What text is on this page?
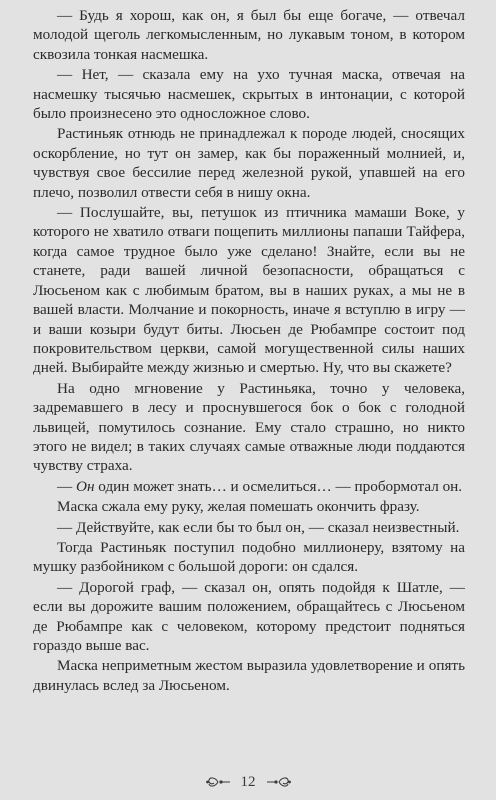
— Будь я хорош, как он, я был бы еще богаче, — отвечал молодой щеголь легкомысленным, но лукавым тоном, в котором сквозила тонкая насмешка.

— Нет, — сказала ему на ухо тучная маска, отвечая на насмешку тысячью насмешек, скрытых в интонации, с которой было произнесено это односложное слово.

Растиньяк отнюдь не принадлежал к породе людей, сносящих оскорбление, но тут он замер, как бы пораженный молнией, и, чувствуя свое бессилие перед железной рукой, упавшей на его плечо, позволил отвести себя в нишу окна.

— Послушайте, вы, петушок из птичника мамаши Воке, у которого не хватило отваги пощепить миллионы папаши Тайфера, когда самое трудное было уже сделано! Знайте, если вы не станете, ради вашей личной безопасности, обращаться с Люсьеном как с любимым братом, вы в наших руках, а мы не в вашей власти. Молчание и покорность, иначе я вступлю в игру — и ваши козыри будут биты. Люсьен де Рюбампре состоит под покровительством церкви, самой могущественной силы наших дней. Выбирайте между жизнью и смертью. Ну, что вы скажете?

На одно мгновение у Растиньяка, точно у человека, задремавшего в лесу и проснувшегося бок о бок с голодной львицей, помутилось сознание. Ему стало страшно, но никто этого не видел; в таких случаях самые отважные люди поддаются чувству страха.

— Он один может знать… и осмелиться… — пробормотал он.

Маска сжала ему руку, желая помешать окончить фразу.

— Действуйте, как если бы то был он, — сказал неизвестный.

Тогда Растиньяк поступил подобно миллионеру, взятому на мушку разбойником с большой дороги: он сдался.

— Дорогой граф, — сказал он, опять подойдя к Шатле, — если вы дорожите вашим положением, обращайтесь с Люсьеном де Рюбампре как с человеком, которому предстоит подняться гораздо выше вас.

Маска неприметным жестом выразила удовлетворение и опять двинулась вслед за Люсьеном.

12
